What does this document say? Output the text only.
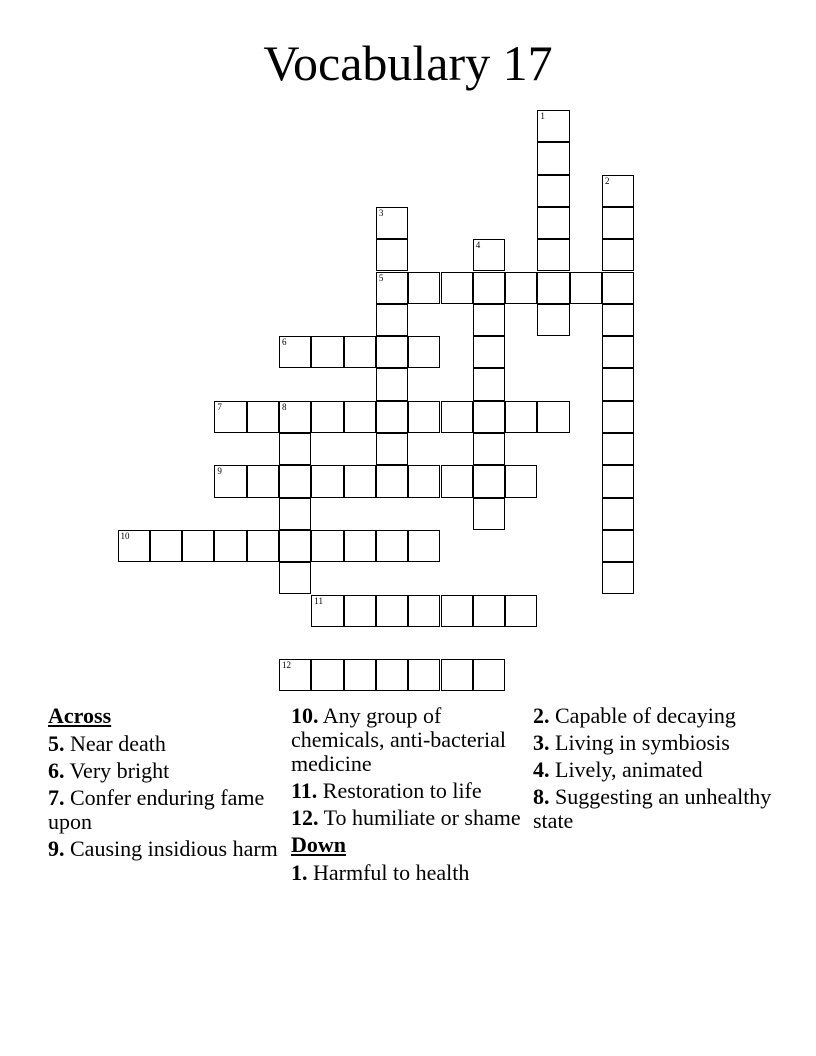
Vocabulary 17
1
2
3
5
4
6
7	8
9
10
11
12
Across
5. Near death
6. Very bright
7. Confer enduring fame upon
9. Causing insidious harm
10. Any group of chemicals, anti-bacterial medicine
11. Restoration to life
12. To humiliate or shame
Down
1. Harmful to health
2. Capable of decaying
3. Living in symbiosis
4. Lively, animated
8. Suggesting an unhealthy state
